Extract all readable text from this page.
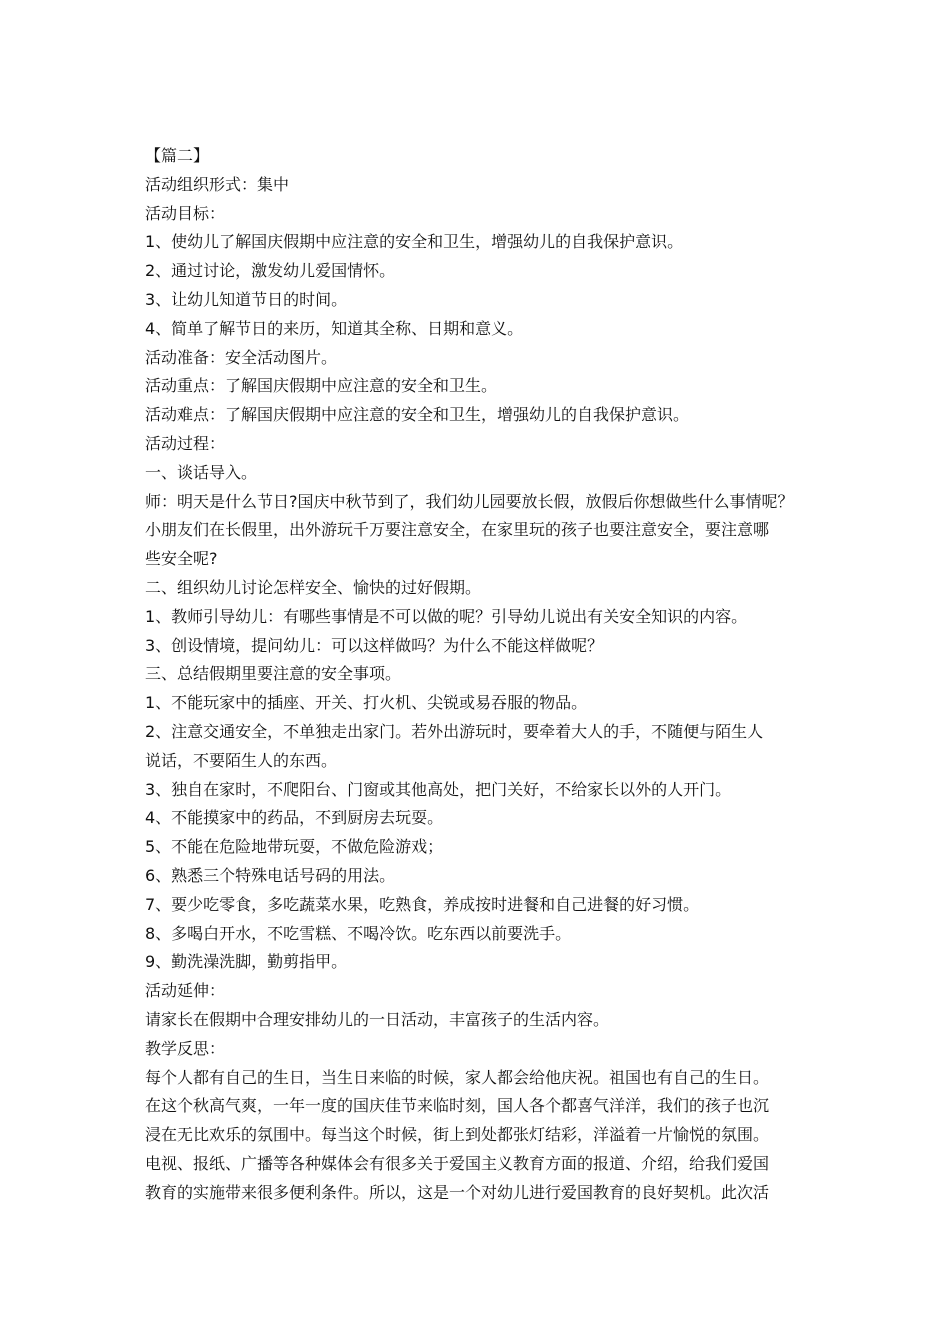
【篇二】

活动组织形式：集中

活动目标：

1、使幼儿了解国庆假期中应注意的安全和卫生，增强幼儿的自我保护意识。

2、通过讨论，激发幼儿爱国情怀。

3、让幼儿知道节日的时间。

4、简单了解节日的来历，知道其全称、日期和意义。

活动准备：安全活动图片。

活动重点：了解国庆假期中应注意的安全和卫生。

活动难点：了解国庆假期中应注意的安全和卫生，增强幼儿的自我保护意识。

活动过程：

一、谈话导入。

师：明天是什么节日?国庆中秋节到了，我们幼儿园要放长假，放假后你想做些什么事情呢？

小朋友们在长假里，出外游玩千万要注意安全，在家里玩的孩子也要注意安全，要注意哪

些安全呢?

二、组织幼儿讨论怎样安全、愉快的过好假期。

1、教师引导幼儿：有哪些事情是不可以做的呢？引导幼儿说出有关安全知识的内容。

3、创设情境，提问幼儿：可以这样做吗？为什么不能这样做呢？

三、总结假期里要注意的安全事项。

1、不能玩家中的插座、开关、打火机、尖锐或易吞服的物品。

2、注意交通安全，不单独走出家门。若外出游玩时，要牵着大人的手，不随便与陌生人

说话，不要陌生人的东西。

3、独自在家时，不爬阳台、门窗或其他高处，把门关好，不给家长以外的人开门。

4、不能摸家中的药品，不到厨房去玩耍。

5、不能在危险地带玩耍，不做危险游戏；

6、熟悉三个特殊电话号码的用法。

7、要少吃零食，多吃蔬菜水果，吃熟食，养成按时进餐和自己进餐的好习惯。

8、多喝白开水，不吃雪糕、不喝冷饮。吃东西以前要洗手。

9、勤洗澡洗脚，勤剪指甲。

活动延伸：

请家长在假期中合理安排幼儿的一日活动，丰富孩子的生活内容。

教学反思：

每个人都有自己的生日，当生日来临的时候，家人都会给他庆祝。祖国也有自己的生日。

在这个秋高气爽，一年一度的国庆佳节来临时刻，国人各个都喜气洋洋，我们的孩子也沉

浸在无比欢乐的氛围中。每当这个时候，街上到处都张灯结彩，洋溢着一片愉悦的氛围。

电视、报纸、广播等各种媒体会有很多关于爱国主义教育方面的报道、介绍，给我们爱国

教育的实施带来很多便利条件。所以，这是一个对幼儿进行爱国教育的良好契机。此次活
